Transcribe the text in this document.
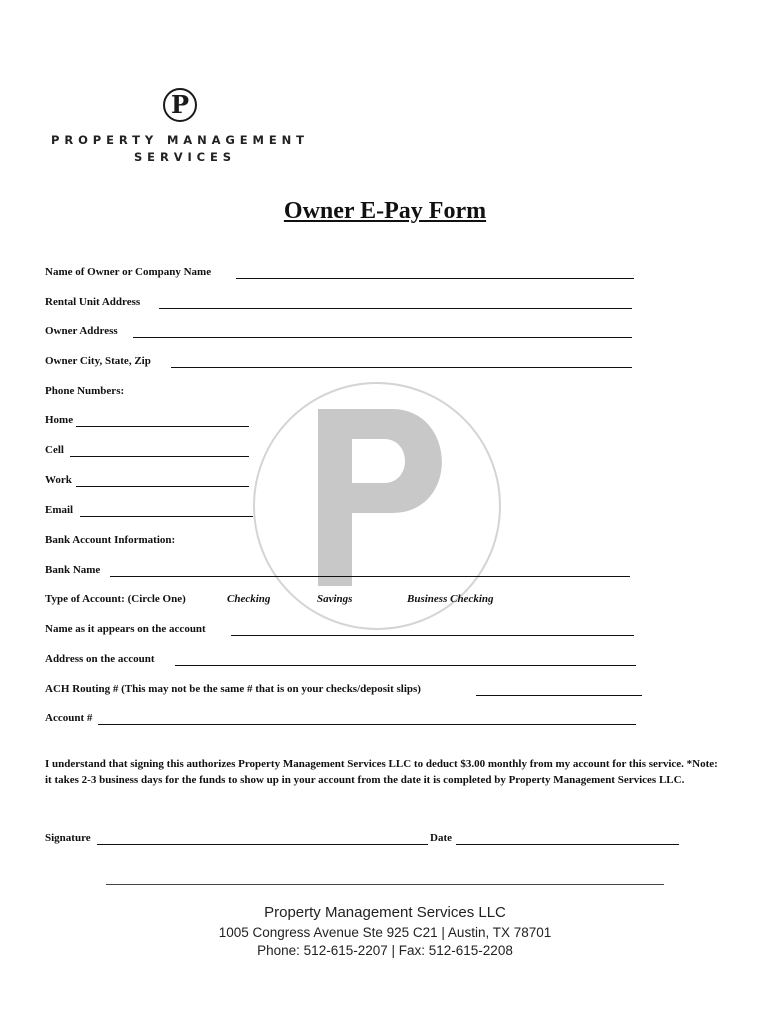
P
PROPERTY MANAGEMENT
SERVICES
Owner E-Pay Form
Name of Owner or Company Name
Rental Unit Address
Owner Address
Owner City, State, Zip
Phone Numbers:
Home
Cell
Work
Email
Bank Account Information:
Bank Name
Type of Account: (Circle One)	Checking	Savings	Business Checking
Name as it appears on the account
Address on the account
ACH Routing # (This may not be the same # that is on your checks/deposit slips)
Account #
I understand that signing this authorizes Property Management Services LLC to deduct $3.00 monthly from my account for this service. *Note: it takes 2-3 business days for the funds to show up in your account from the date it is completed by Property Management Services LLC.
Signature	Date
Property Management Services LLC
1005 Congress Avenue Ste 925 C21 | Austin, TX 78701
Phone: 512-615-2207 | Fax: 512-615-2208
